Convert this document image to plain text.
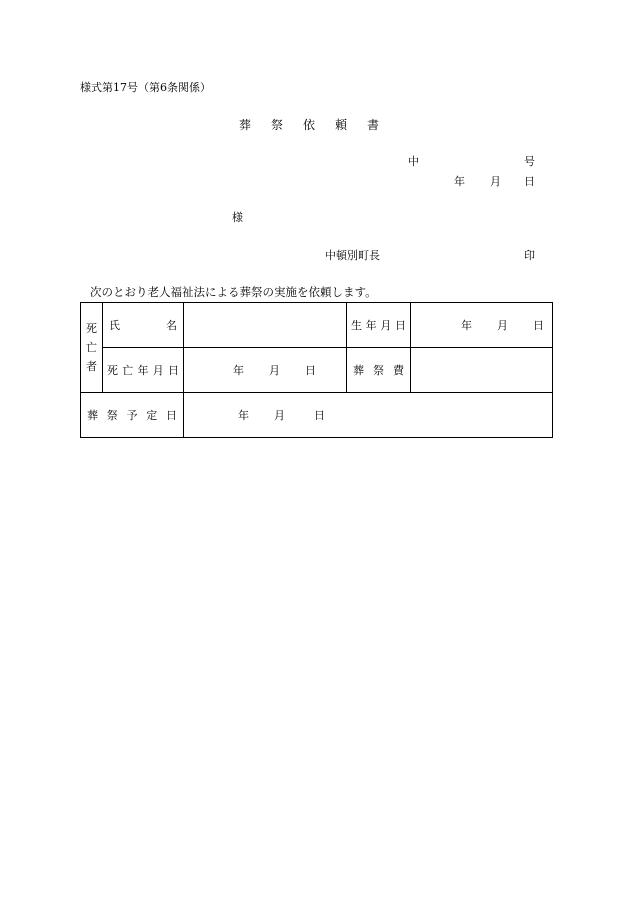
様式第17号（第6条関係）
葬祭依頼書
中	号
年 月 日
様
中頓別町長	印
次のとおり老人福祉法による葬祭の実施を依頼します。
死
亡
者	氏 名		生 年 月 日	年 月 日

	死 亡 年 月 日	年 月 日	葬 祭 費	

葬 祭 予 定 日		年 月 日		
